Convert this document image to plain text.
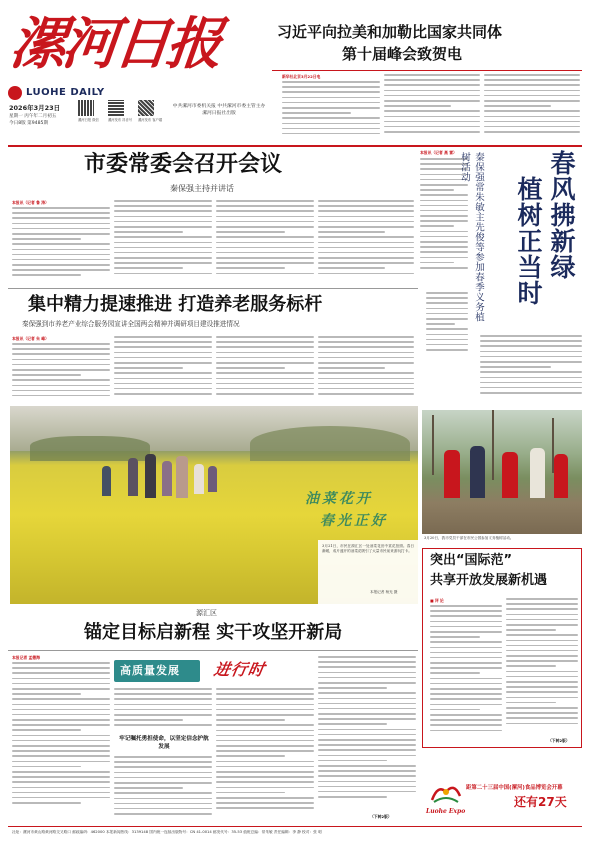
漯河日报
LUOHE DAILY
2026年3月23日
星期一 丙午年二月初五
今日8版 第9485期
漯河日报 微信	漯河发布 抖音号	漯河发布 客户端
中共漯河市委机关报 中共漯河市委主管主办 漯河日报社出版
习近平向拉美和加勒比国家共同体
第十届峰会致贺电
新华社北京3月22日电
市委常委会召开会议
秦保强主持并讲话
本报讯（记者 鲁 涛）
本报讯（记者 高 雷） 秦保强常朱敏主先俊等参加春季义务植树活动	春风拂新绿
植树正当时
集中精力提速推进 打造养老服务标杆
秦保强到市养老产业综合服务园宣讲全国两会精神并调研项目建设推进情况
本报讯（记者 朱 峰）
油菜花开
春光正好
3月21日，市民在源汇区一处油菜花田中赏花拍照。春日渐暖，成片盛开的油菜花吸引了大量市民前来游玩打卡。
本报记者 杨光 摄
3月20日，我市党员干部在市民公园参加义务植树活动。
源汇区
锚定目标启新程 实干攻坚开新局
本报记者 孟德海
高质量发展 进行时
牢记嘱托勇担使命，以坚定信念护航发展
（下转2版）
突出“国际范”
共享开放发展新机遇
■ 评 论
（下转2版）
Luohe Expo
距第二十三届中国(漯河)食品博览会开幕
还有27天
社址：漯河市黄山路黄河路交叉路口 邮政编码：462000 本报新闻热线：3139148 国内统一连续出版物号：CN 41-0014 邮发代号：35-53 值班总编：常朱敏 责任编辑：李 静 校对：张 明
